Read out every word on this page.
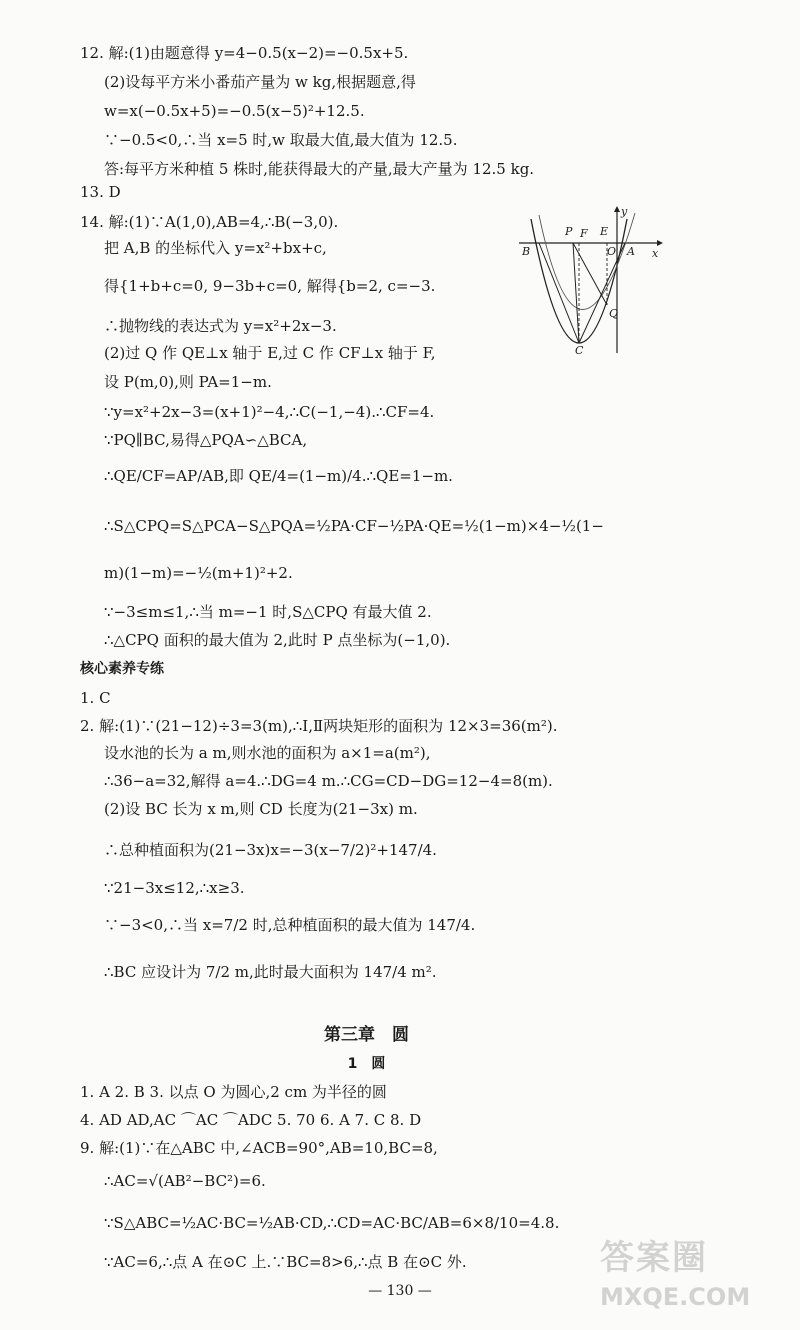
12. 解:(1)由题意得 y=4−0.5(x−2)=−0.5x+5.
(2)设每平方米小番茄产量为 w kg,根据题意,得
w=x(−0.5x+5)=−0.5(x−5)²+12.5.
∵−0.5<0,∴当 x=5 时,w 取最大值,最大值为 12.5.
答:每平方米种植 5 株时,能获得最大的产量,最大产量为 12.5 kg.
13. D
14. 解:(1)∵A(1,0),AB=4,∴B(−3,0).
把 A,B 的坐标代入 y=x²+bx+c,
得{1+b+c=0, 9−3b+c=0, 解得{b=2, c=−3.
∴抛物线的表达式为 y=x²+2x−3.
(2)过 Q 作 QE⊥x 轴于 E,过 C 作 CF⊥x 轴于 F,
设 P(m,0),则 PA=1−m.
∵y=x²+2x−3=(x+1)²−4,∴C(−1,−4).∴CF=4.
∵PQ∥BC,易得△PQA∽△BCA,
∴QE/CF=AP/AB,即 QE/4=(1−m)/4.∴QE=1−m.
∴S△CPQ=S△PCA−S△PQA=½PA·CF−½PA·QE=½(1−m)×4−½(1−
m)(1−m)=−½(m+1)²+2.
∵−3≤m≤1,∴当 m=−1 时,S△CPQ 有最大值 2.
∴△CPQ 面积的最大值为 2,此时 P 点坐标为(−1,0).
核心素养专练
1. C
2. 解:(1)∵(21−12)÷3=3(m),∴Ⅰ,Ⅱ两块矩形的面积为 12×3=36(m²).
设水池的长为 a m,则水池的面积为 a×1=a(m²),
∴36−a=32,解得 a=4.∴DG=4 m.∴CG=CD−DG=12−4=8(m).
(2)设 BC 长为 x m,则 CD 长度为(21−3x) m.
∴总种植面积为(21−3x)x=−3(x−7/2)²+147/4.
∵21−3x≤12,∴x≥3.
∵−3<0,∴当 x=7/2 时,总种植面积的最大值为 147/4.
∴BC 应设计为 7/2 m,此时最大面积为 147/4 m².
第三章　圆
1　圆
1. A 2. B 3. 以点 O 为圆心,2 cm 为半径的圆
4. AD AD,AC ⌒AC ⌒ADC 5. 70 6. A 7. C 8. D
9. 解:(1)∵在△ABC 中,∠ACB=90°,AB=10,BC=8,
∴AC=√(AB²−BC²)=6.
∵S△ABC=½AC·BC=½AB·CD,∴CD=AC·BC/AB=6×8/10=4.8.
∵AC=6,∴点 A 在⊙C 上.∵BC=8>6,∴点 B 在⊙C 外.
y
P F E
B	O A x
Q
C
— 130 —
答案圈
MXQE.COM
